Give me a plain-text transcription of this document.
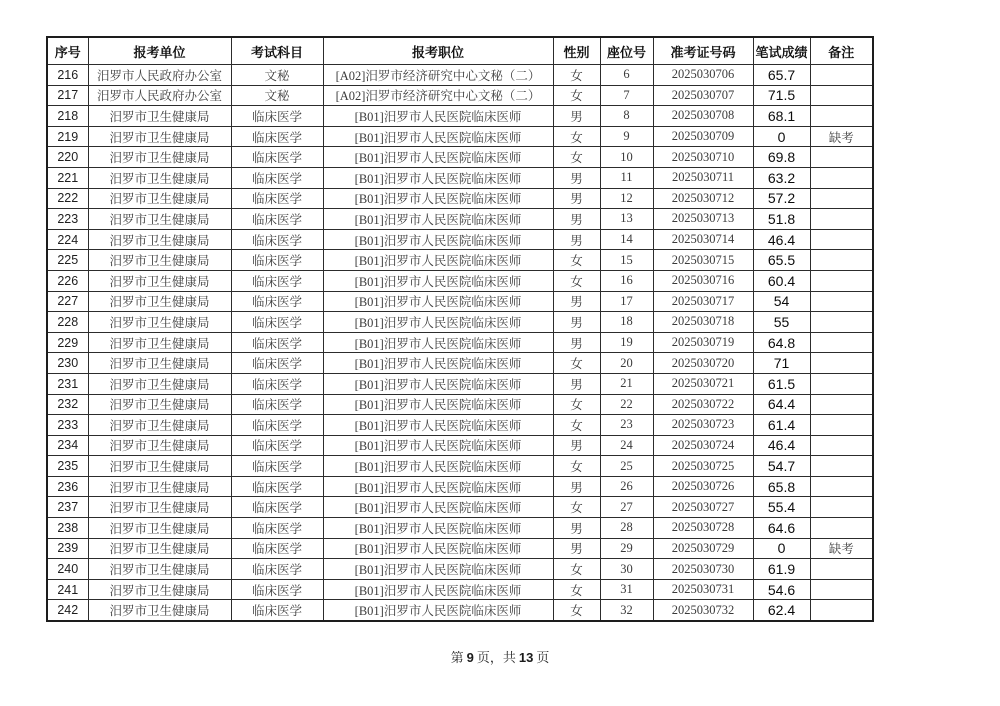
序号	报考单位	考试科目	报考职位	性别	座位号	准考证号码	笔试成绩	备注
216	汨罗市人民政府办公室	文秘	[A02]汨罗市经济研究中心文秘（二）	女	6	2025030706	65.7	
217	汨罗市人民政府办公室	文秘	[A02]汨罗市经济研究中心文秘（二）	女	7	2025030707	71.5	
218	汨罗市卫生健康局	临床医学	[B01]汨罗市人民医院临床医师	男	8	2025030708	68.1	
219	汨罗市卫生健康局	临床医学	[B01]汨罗市人民医院临床医师	女	9	2025030709	0	缺考
220	汨罗市卫生健康局	临床医学	[B01]汨罗市人民医院临床医师	女	10	2025030710	69.8	
221	汨罗市卫生健康局	临床医学	[B01]汨罗市人民医院临床医师	男	11	2025030711	63.2	
222	汨罗市卫生健康局	临床医学	[B01]汨罗市人民医院临床医师	男	12	2025030712	57.2	
223	汨罗市卫生健康局	临床医学	[B01]汨罗市人民医院临床医师	男	13	2025030713	51.8	
224	汨罗市卫生健康局	临床医学	[B01]汨罗市人民医院临床医师	男	14	2025030714	46.4	
225	汨罗市卫生健康局	临床医学	[B01]汨罗市人民医院临床医师	女	15	2025030715	65.5	
226	汨罗市卫生健康局	临床医学	[B01]汨罗市人民医院临床医师	女	16	2025030716	60.4	
227	汨罗市卫生健康局	临床医学	[B01]汨罗市人民医院临床医师	男	17	2025030717	54	
228	汨罗市卫生健康局	临床医学	[B01]汨罗市人民医院临床医师	男	18	2025030718	55	
229	汨罗市卫生健康局	临床医学	[B01]汨罗市人民医院临床医师	男	19	2025030719	64.8	
230	汨罗市卫生健康局	临床医学	[B01]汨罗市人民医院临床医师	女	20	2025030720	71	
231	汨罗市卫生健康局	临床医学	[B01]汨罗市人民医院临床医师	男	21	2025030721	61.5	
232	汨罗市卫生健康局	临床医学	[B01]汨罗市人民医院临床医师	女	22	2025030722	64.4	
233	汨罗市卫生健康局	临床医学	[B01]汨罗市人民医院临床医师	女	23	2025030723	61.4	
234	汨罗市卫生健康局	临床医学	[B01]汨罗市人民医院临床医师	男	24	2025030724	46.4	
235	汨罗市卫生健康局	临床医学	[B01]汨罗市人民医院临床医师	女	25	2025030725	54.7	
236	汨罗市卫生健康局	临床医学	[B01]汨罗市人民医院临床医师	男	26	2025030726	65.8	
237	汨罗市卫生健康局	临床医学	[B01]汨罗市人民医院临床医师	女	27	2025030727	55.4	
238	汨罗市卫生健康局	临床医学	[B01]汨罗市人民医院临床医师	男	28	2025030728	64.6	
239	汨罗市卫生健康局	临床医学	[B01]汨罗市人民医院临床医师	男	29	2025030729	0	缺考
240	汨罗市卫生健康局	临床医学	[B01]汨罗市人民医院临床医师	女	30	2025030730	61.9	
241	汨罗市卫生健康局	临床医学	[B01]汨罗市人民医院临床医师	女	31	2025030731	54.6	
242	汨罗市卫生健康局	临床医学	[B01]汨罗市人民医院临床医师	女	32	2025030732	62.4	
第 9 页，共 13 页
